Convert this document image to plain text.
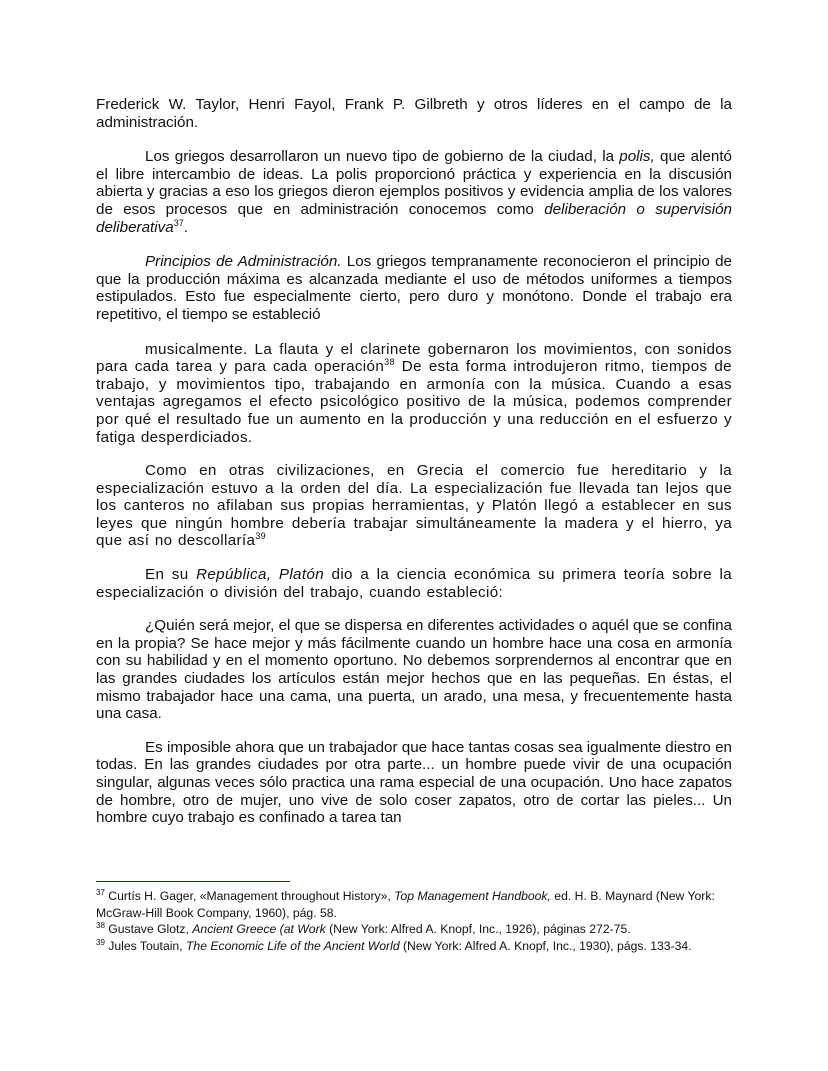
Frederick W. Taylor, Henri Fayol, Frank P. Gilbreth y otros líderes en el campo de la administración.

Los griegos desarrollaron un nuevo tipo de gobierno de la ciudad, la polis, que alentó el libre intercambio de ideas. La polis proporcionó práctica y experiencia en la discusión abierta y gracias a eso los griegos dieron ejemplos positivos y evidencia amplia de los valores de esos procesos que en administración conocemos como deliberación o supervisión deliberativa$^{37}$.

Principios de Administración. Los griegos tempranamente reconocieron el principio de que la producción máxima es alcanzada mediante el uso de métodos uniformes a tiempos estipulados. Esto fue especialmente cierto, pero duro y monótono. Donde el trabajo era repetitivo, el tiempo se estableció

musicalmente. La flauta y el clarinete gobernaron los movimientos, con sonidos para cada tarea y para cada operación$^{38}$ De esta forma introdujeron ritmo, tiempos de trabajo, y movimientos tipo, trabajando en armonía con la música. Cuando a esas ventajas agregamos el efecto psicológico positivo de la música, podemos comprender por qué el resultado fue un aumento en la producción y una reducción en el esfuerzo y fatiga desperdiciados.

Como en otras civilizaciones, en Grecia el comercio fue hereditario y la especialización estuvo a la orden del día. La especialización fue llevada tan lejos que los canteros no afilaban sus propias herramientas, y Platón llegó a establecer en sus leyes que ningún hombre debería trabajar simultáneamente la madera y el hierro, ya que así no descollaría$^{39}$

En su República, Platón dio a la ciencia económica su primera teoría sobre la especialización o división del trabajo, cuando estableció:

¿Quién será mejor, el que se dispersa en diferentes actividades o aquél que se confina en la propia? Se hace mejor y más fácilmente cuando un hombre hace una cosa en armonía con su habilidad y en el momento oportuno. No debemos sorprendernos al encontrar que en las grandes ciudades los artículos están mejor hechos que en las pequeñas. En éstas, el mismo trabajador hace una cama, una puerta, un arado, una mesa, y frecuentemente hasta una casa.

Es imposible ahora que un trabajador que hace tantas cosas sea igualmente diestro en todas. En las grandes ciudades por otra parte... un hombre puede vivir de una ocupación singular, algunas veces sólo practica una rama especial de una ocupación. Uno hace zapatos de hombre, otro de mujer, uno vive de solo coser zapatos, otro de cortar las pieles... Un hombre cuyo trabajo es confinado a tarea tan

$^{37}$ Curtís H. Gager, «Management throughout History», Top Management Handbook, ed. H. B. Maynard (New York: McGraw-Hill Book Company, 1960), pág. 58.

$^{38}$ Gustave Glotz, Ancient Greece (at Work (New York: Alfred A. Knopf, Inc., 1926), páginas 272-75.

$^{39}$ Jules Toutain, The Economic Life of the Ancient World (New York: Alfred A. Knopf, Inc., 1930), págs. 133-34.
